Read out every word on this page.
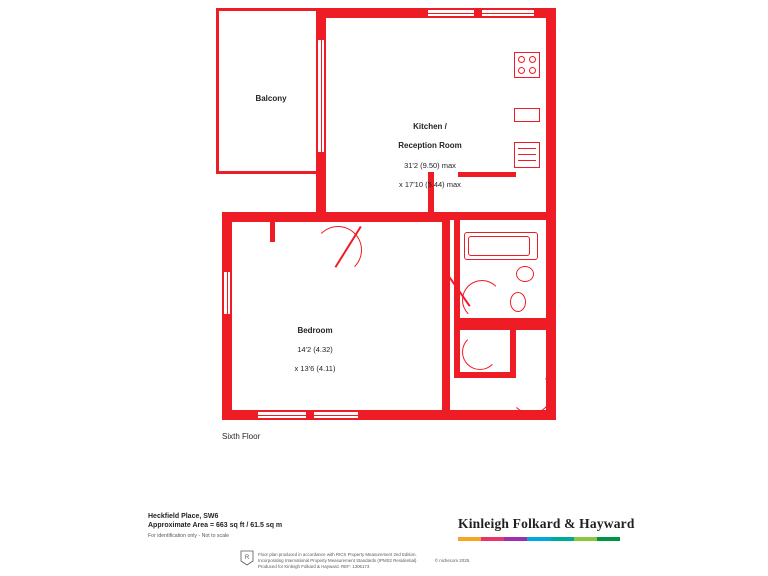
Balcony

Kitchen /

Reception Room

31'2 (9.50) max

x 17'10 (5.44) max

Bedroom

14'2 (4.32)

x 13'6 (4.11)

Sixth Floor
Heckfield Place, SW6
Approximate Area = 663 sq ft / 61.5 sq m
For identification only - Not to scale
Kinleigh Folkard & Hayward
R
Floor plan produced in accordance with RICS Property Measurement 2nd Edition,
Incorporating International Property Measurement Standards (IPMS2 Residential).	© nichecom 2025.
Produced for Kinleigh Folkard & Hayward. REF: 1306173
